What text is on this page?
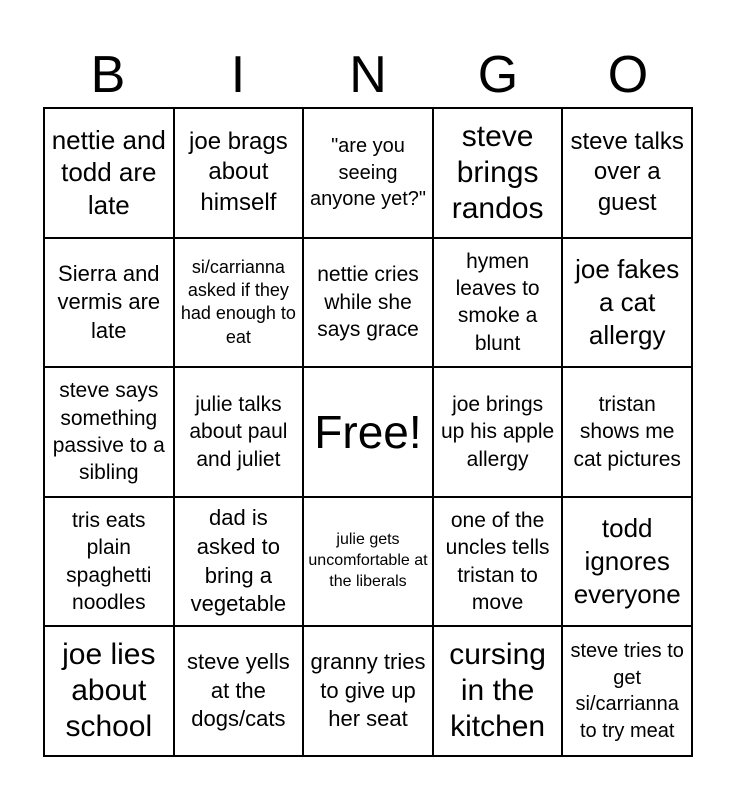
B	I	N	G	O
nettie and todd are late
joe brags about himself
"are you seeing anyone yet?"
steve brings randos
steve talks over a guest
Sierra and vermis are late
si/carrianna asked if they had enough to eat
nettie cries while she says grace
hymen leaves to smoke a blunt
joe fakes a cat allergy
steve says something passive to a sibling
julie talks about paul and juliet
Free!
joe brings up his apple allergy
tristan shows me cat pictures
tris eats plain spaghetti noodles
dad is asked to bring a vegetable
julie gets uncomfortable at the liberals
one of the uncles tells tristan to move
todd ignores everyone
joe lies about school
steve yells at the dogs/cats
granny tries to give up her seat
cursing in the kitchen
steve tries to get si/carrianna to try meat
